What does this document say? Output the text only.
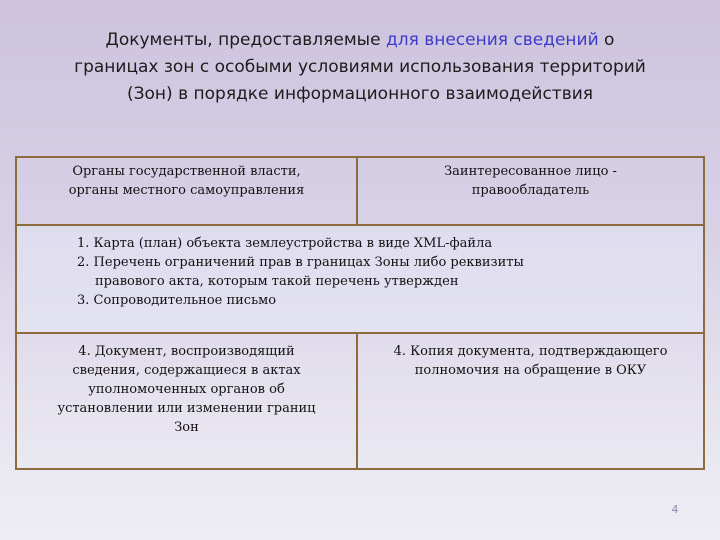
Документы, предоставляемые для внесения сведений о
границах зон с особыми условиями использования территорий
(Зон) в порядке информационного взаимодействия
Органы государственной власти,
органы местного самоуправления
Заинтересованное лицо -
правообладатель
1. Карта (план) объекта землеустройства в виде XML-файла
2. Перечень ограничений прав в границах Зоны либо реквизиты
правового акта, которым такой перечень утвержден
3. Сопроводительное письмо
4. Документ, воспроизводящий
сведения, содержащиеся в актах
уполномоченных органов об
установлении или изменении границ
Зон
4. Копия документа, подтверждающего
полномочия на обращение в ОКУ
4
